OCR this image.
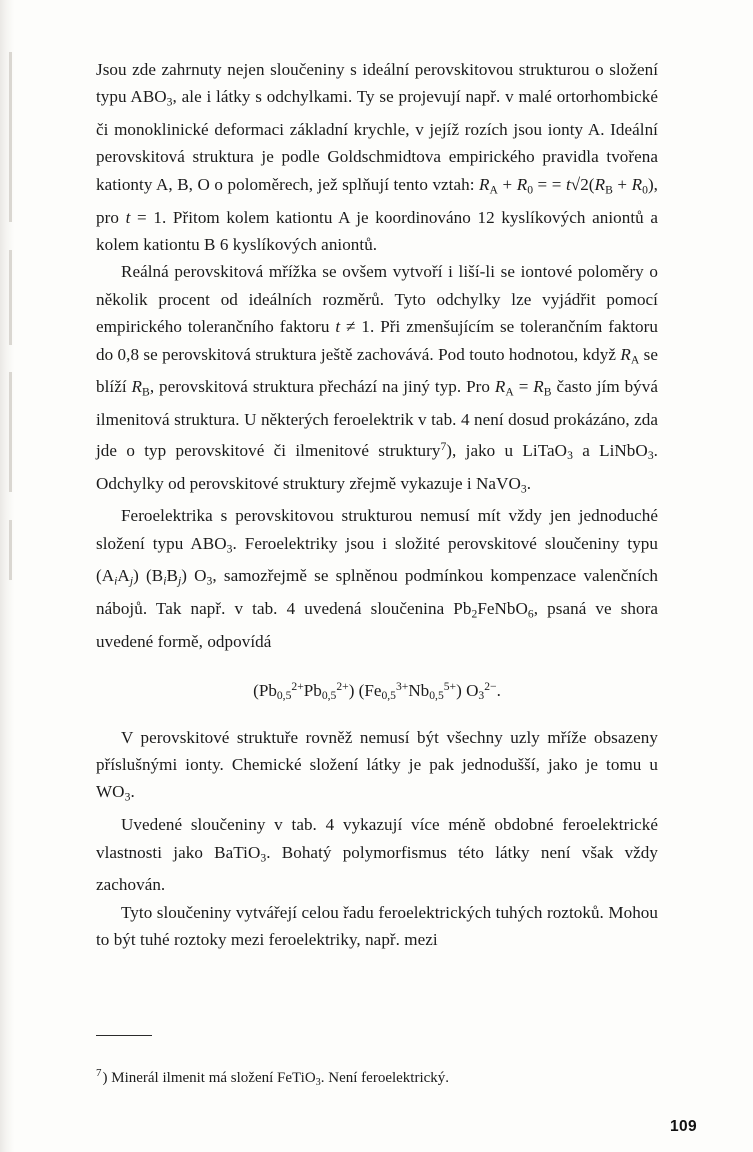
Jsou zde zahrnuty nejen sloučeniny s ideální perovskitovou strukturou o složení typu $ABO_3$, ale i látky s odchylkami. Ty se projevují např. v malé ortorhombické či monoklinické deformaci základní krychle, v jejíž rozích jsou ionty A. Ideální perovskitová struktura je podle Goldschmidtova empirického pravidla tvořena kationty A, B, O o poloměrech, jež splňují tento vztah: $R_A + R_0$ = = $t√2(R_B + R_0)$, pro t = 1. Přitom kolem kationtu A je koordinováno 12 kyslíkových aniontů a kolem kationtu B 6 kyslíkových aniontů.

Reálná perovskitová mřížka se ovšem vytvoří i liší-li se iontové poloměry o několik procent od ideálních rozměrů. Tyto odchylky lze vyjádřit pomocí empirického tolerančního faktoru t ≠ 1. Při zmenšujícím se tolerančním faktoru do 0,8 se perovskitová struktura ještě zachovává. Pod touto hodnotou, když $R_A$ se blíží $R_B$, perovskitová struktura přechází na jiný typ. Pro $R_A = R_B$ často jím bývá ilmenitová struktura. U některých feroelektrik v tab. 4 není dosud prokázáno, zda jde o typ perovskitové či ilmenitové struktury$^7$), jako u LiTaO$_3$ a LiNbO$_3$. Odchylky od perovskitové struktury zřejmě vykazuje i NaVO$_3$.

Feroelektrika s perovskitovou strukturou nemusí mít vždy jen jednoduché složení typu $ABO_3$. Feroelektriky jsou i složité perovskitové sloučeniny typu $(A_iA_j)$ $(B_iB_j)$ $O_3$, samozřejmě se splněnou podmínkou kompenzace valenčních nábojů. Tak např. v tab. 4 uvedená sloučenina $Pb_2FeNbO_6$, psaná ve shora uvedené formě, odpovídá

$(Pb_{0,5}^{2+}Pb_{0,5}^{2+})$ $(Fe_{0,5}^{3+}Nb_{0,5}^{5+})$ $O_3^{2-}$.

V perovskitové struktuře rovněž nemusí být všechny uzly mříže obsazeny příslušnými ionty. Chemické složení látky je pak jednodušší, jako je tomu u $WO_3$.

Uvedené sloučeniny v tab. 4 vykazují více méně obdobné feroelektrické vlastnosti jako BaTiO$_3$. Bohatý polymorfismus této látky není však vždy zachován.

Tyto sloučeniny vytvářejí celou řadu feroelektrických tuhých roztoků. Mohou to být tuhé roztoky mezi feroelektriky, např. mezi

$^7$) Minerál ilmenit má složení FeTiO$_3$. Není feroelektrický.
109
